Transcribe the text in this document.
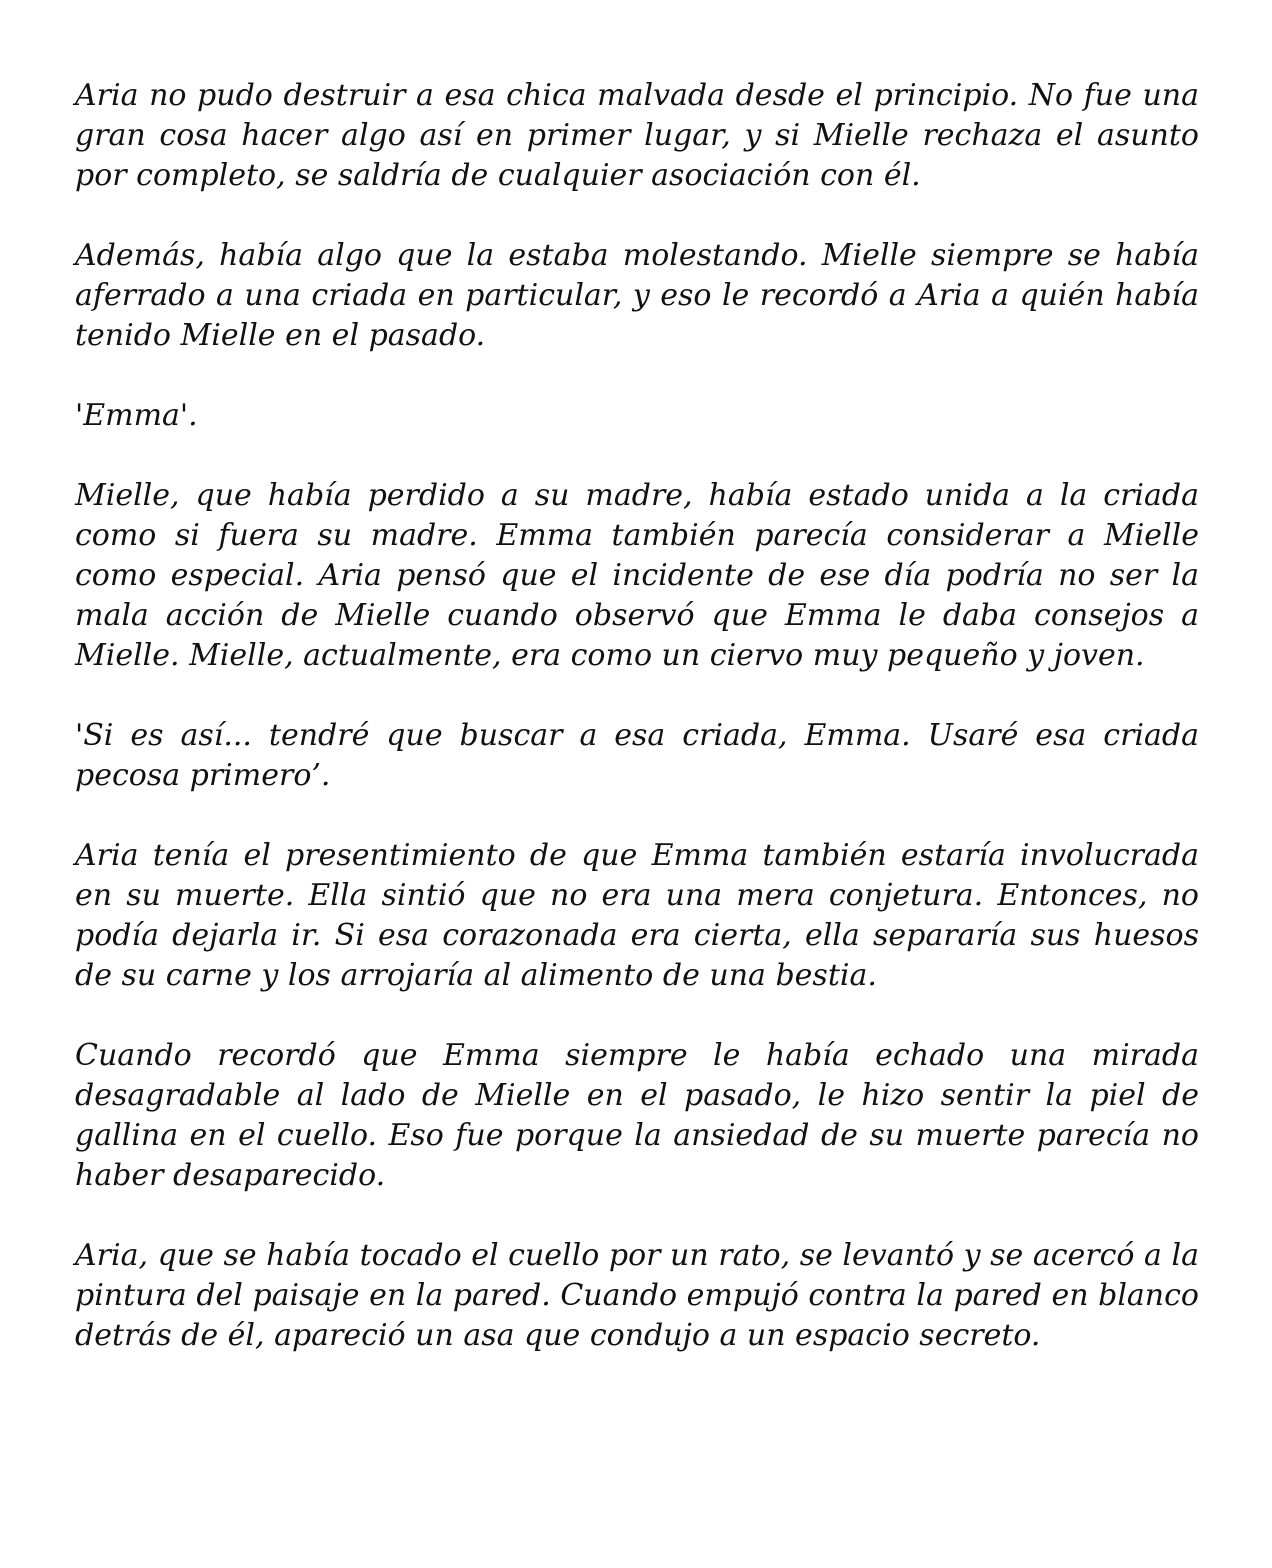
Aria no pudo destruir a esa chica malvada desde el principio. No fue una gran cosa hacer algo así en primer lugar, y si Mielle rechaza el asunto por completo, se saldría de cualquier asociación con él.

Además, había algo que la estaba molestando. Mielle siempre se había aferrado a una criada en particular, y eso le recordó a Aria a quién había tenido Mielle en el pasado.

'Emma'.

Mielle, que había perdido a su madre, había estado unida a la criada como si fuera su madre. Emma también parecía considerar a Mielle como especial. Aria pensó que el incidente de ese día podría no ser la mala acción de Mielle cuando observó que Emma le daba consejos a Mielle. Mielle, actualmente, era como un ciervo muy pequeño y joven.

'Si es así... tendré que buscar a esa criada, Emma. Usaré esa criada pecosa primero’.

Aria tenía el presentimiento de que Emma también estaría involucrada en su muerte. Ella sintió que no era una mera conjetura. Entonces, no podía dejarla ir. Si esa corazonada era cierta, ella separaría sus huesos de su carne y los arrojaría al alimento de una bestia.

Cuando recordó que Emma siempre le había echado una mirada desagradable al lado de Mielle en el pasado, le hizo sentir la piel de gallina en el cuello. Eso fue porque la ansiedad de su muerte parecía no haber desaparecido.

Aria, que se había tocado el cuello por un rato, se levantó y se acercó a la pintura del paisaje en la pared. Cuando empujó contra la pared en blanco detrás de él, apareció un asa que condujo a un espacio secreto.
